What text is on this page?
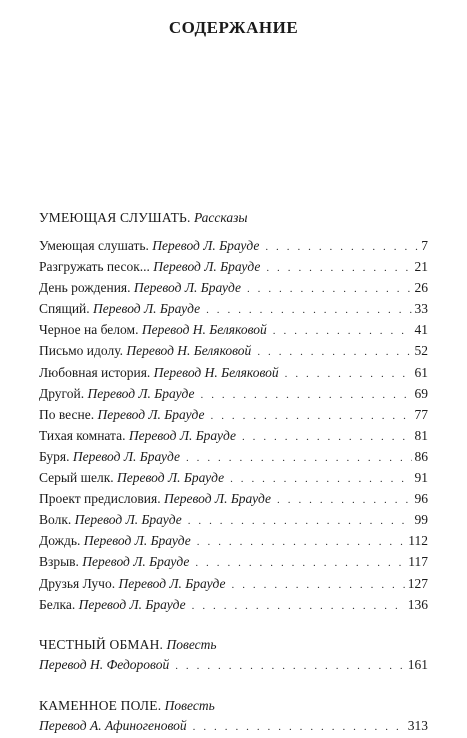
СОДЕРЖАНИЕ
УМЕЮЩАЯ СЛУШАТЬ. Рассказы
Умеющая слушать. Перевод Л. Брауде . . .	7
Разгружать песок... Перевод Л. Брауде . . .	21
День рождения. Перевод Л. Брауде . . .	26
Спящий. Перевод Л. Брауде . . .	33
Черное на белом. Перевод Н. Беляковой . . .	41
Письмо идолу. Перевод Н. Беляковой . . .	52
Любовная история. Перевод Н. Беляковой . . .	61
Другой. Перевод Л. Брауде . . .	69
По весне. Перевод Л. Брауде . . .	77
Тихая комната. Перевод Л. Брауде . . .	81
Буря. Перевод Л. Брауде . . .	86
Серый шелк. Перевод Л. Брауде . . .	91
Проект предисловия. Перевод Л. Брауде . . .	96
Волк. Перевод Л. Брауде . . .	99
Дождь. Перевод Л. Брауде . . .	112
Взрыв. Перевод Л. Брауде . . .	117
Друзья Лучо. Перевод Л. Брауде . . .	127
Белка. Перевод Л. Брауде . . .	136
ЧЕСТНЫЙ ОБМАН. Повесть
Перевод Н. Федоровой . . .	161
КАМЕННОЕ ПОЛЕ. Повесть
Перевод А. Афиногеновой . . .	313
